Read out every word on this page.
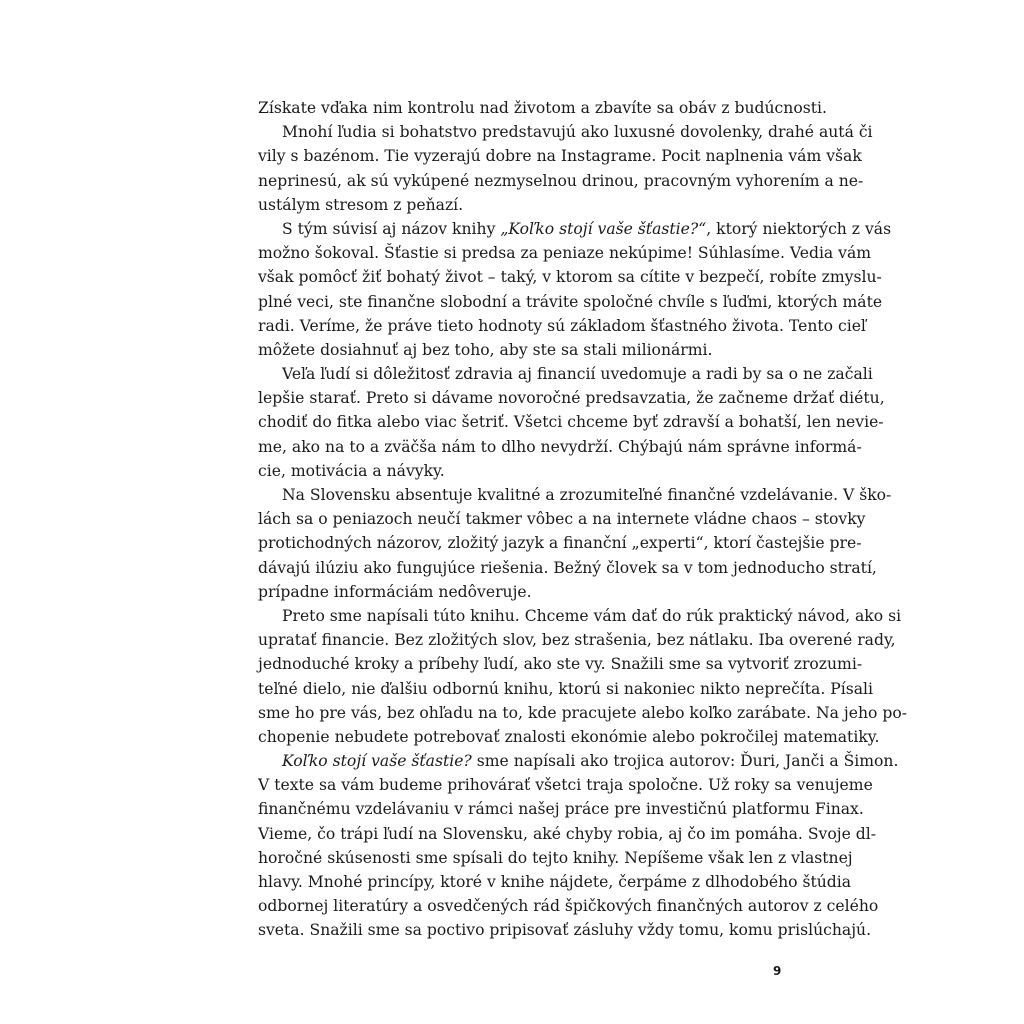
Získate vďaka nim kontrolu nad životom a zbavíte sa obáv z budúcnosti.
Mnohí ľudia si bohatstvo predstavujú ako luxusné dovolenky, drahé autá či
vily s bazénom. Tie vyzerajú dobre na Instagrame. Pocit naplnenia vám však
neprinesú, ak sú vykúpené nezmyselnou drinou, pracovným vyhorením a ne-
ustálym stresom z peňazí.
S tým súvisí aj názov knihy „Koľko stojí vaše šťastie?“, ktorý niektorých z vás
možno šokoval. Šťastie si predsa za peniaze nekúpime! Súhlasíme. Vedia vám
však pomôcť žiť bohatý život – taký, v ktorom sa cítite v bezpečí, robíte zmyslu-
plné veci, ste finančne slobodní a trávite spoločné chvíle s ľuďmi, ktorých máte
radi. Veríme, že práve tieto hodnoty sú základom šťastného života. Tento cieľ
môžete dosiahnuť aj bez toho, aby ste sa stali milionármi.
Veľa ľudí si dôležitosť zdravia aj financií uvedomuje a radi by sa o ne začali
lepšie starať. Preto si dávame novoročné predsavzatia, že začneme držať diétu,
chodiť do fitka alebo viac šetriť. Všetci chceme byť zdravší a bohatší, len nevie-
me, ako na to a zväčša nám to dlho nevydrží. Chýbajú nám správne informá-
cie, motivácia a návyky.
Na Slovensku absentuje kvalitné a zrozumiteľné finančné vzdelávanie. V ško-
lách sa o peniazoch neučí takmer vôbec a na internete vládne chaos – stovky
protichodných názorov, zložitý jazyk a finanční „experti“, ktorí častejšie pre-
dávajú ilúziu ako fungujúce riešenia. Bežný človek sa v tom jednoducho stratí,
prípadne informáciám nedôveruje.
Preto sme napísali túto knihu. Chceme vám dať do rúk praktický návod, ako si
upratať financie. Bez zložitých slov, bez strašenia, bez nátlaku. Iba overené rady,
jednoduché kroky a príbehy ľudí, ako ste vy. Snažili sme sa vytvoriť zrozumi-
teľné dielo, nie ďalšiu odbornú knihu, ktorú si nakoniec nikto neprečíta. Písali
sme ho pre vás, bez ohľadu na to, kde pracujete alebo koľko zarábate. Na jeho po-
chopenie nebudete potrebovať znalosti ekonómie alebo pokročilej matematiky.
Koľko stojí vaše šťastie? sme napísali ako trojica autorov: Ďuri, Janči a Šimon.
V texte sa vám budeme prihovárať všetci traja spoločne. Už roky sa venujeme
finančnému vzdelávaniu v rámci našej práce pre investičnú platformu Finax.
Vieme, čo trápi ľudí na Slovensku, aké chyby robia, aj čo im pomáha. Svoje dl-
horočné skúsenosti sme spísali do tejto knihy. Nepíšeme však len z vlastnej
hlavy. Mnohé princípy, ktoré v knihe nájdete, čerpáme z dlhodobého štúdia
odbornej literatúry a osvedčených rád špičkových finančných autorov z celého
sveta. Snažili sme sa poctivo pripisovať zásluhy vždy tomu, komu prislúchajú.
9
